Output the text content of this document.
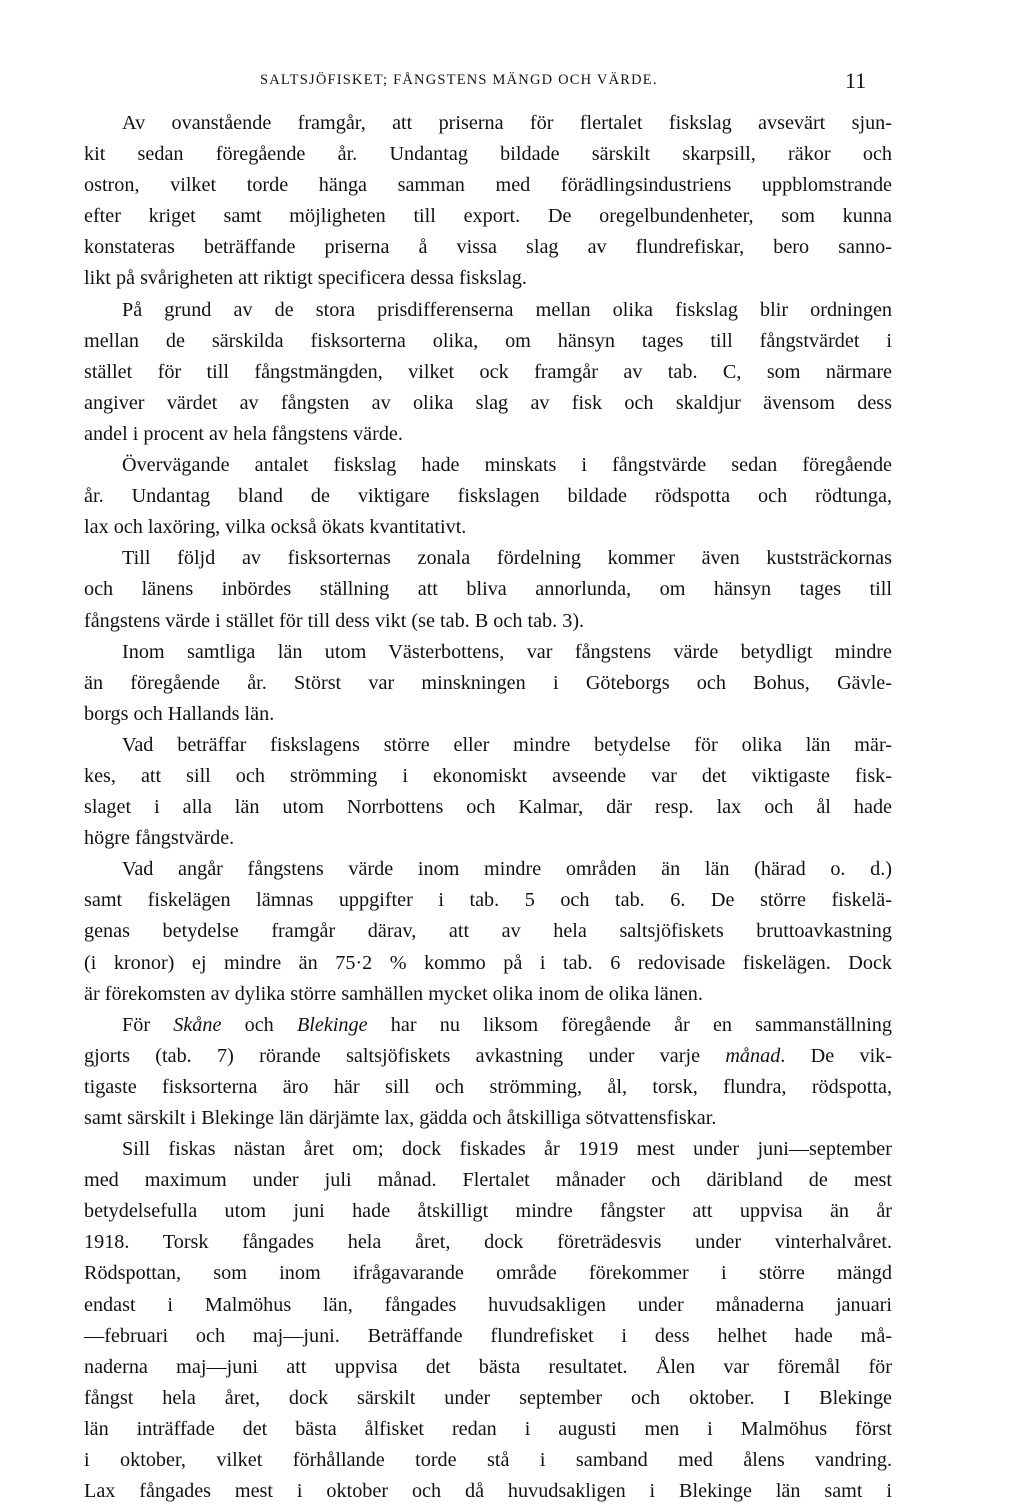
SALTSJÖFISKET; FÅNGSTENS MÄNGD OCH VÄRDE.	11
Av ovanstående framgår, att priserna för flertalet fiskslag avsevärt sjun-
kit sedan föregående år. Undantag bildade särskilt skarpsill, räkor och
ostron, vilket torde hänga samman med förädlingsindustriens uppblomstrande
efter kriget samt möjligheten till export. De oregelbundenheter, som kunna
konstateras beträffande priserna å vissa slag av flundrefiskar, bero sanno-
likt på svårigheten att riktigt specificera dessa fiskslag.
På grund av de stora prisdifferenserna mellan olika fiskslag blir ordningen
mellan de särskilda fisksorterna olika, om hänsyn tages till fångstvärdet i
stället för till fångstmängden, vilket ock framgår av tab. C, som närmare
angiver värdet av fångsten av olika slag av fisk och skaldjur ävensom dess
andel i procent av hela fångstens värde.
Övervägande antalet fiskslag hade minskats i fångstvärde sedan föregående
år. Undantag bland de viktigare fiskslagen bildade rödspotta och rödtunga,
lax och laxöring, vilka också ökats kvantitativt.
Till följd av fisksorternas zonala fördelning kommer även kuststräckornas
och länens inbördes ställning att bliva annorlunda, om hänsyn tages till
fångstens värde i stället för till dess vikt (se tab. B och tab. 3).
Inom samtliga län utom Västerbottens, var fångstens värde betydligt mindre
än föregående år. Störst var minskningen i Göteborgs och Bohus, Gävle-
borgs och Hallands län.
Vad beträffar fiskslagens större eller mindre betydelse för olika län mär-
kes, att sill och strömming i ekonomiskt avseende var det viktigaste fisk-
slaget i alla län utom Norrbottens och Kalmar, där resp. lax och ål hade
högre fångstvärde.
Vad angår fångstens värde inom mindre områden än län (härad o. d.)
samt fiskelägen lämnas uppgifter i tab. 5 och tab. 6. De större fiskelä-
genas betydelse framgår därav, att av hela saltsjöfiskets bruttoavkastning
(i kronor) ej mindre än 75·2 % kommo på i tab. 6 redovisade fiskelägen. Dock
är förekomsten av dylika större samhällen mycket olika inom de olika länen.
För Skåne och Blekinge har nu liksom föregående år en sammanställning
gjorts (tab. 7) rörande saltsjöfiskets avkastning under varje månad. De vik-
tigaste fisksorterna äro här sill och strömming, ål, torsk, flundra, rödspotta,
samt särskilt i Blekinge län därjämte lax, gädda och åtskilliga sötvattensfiskar.
Sill fiskas nästan året om; dock fiskades år 1919 mest under juni—september
med maximum under juli månad. Flertalet månader och däribland de mest
betydelsefulla utom juni hade åtskilligt mindre fångster att uppvisa än år
1918. Torsk fångades hela året, dock företrädesvis under vinterhalvåret.
Rödspottan, som inom ifrågavarande område förekommer i större mängd
endast i Malmöhus län, fångades huvudsakligen under månaderna januari
—februari och maj—juni. Beträffande flundrefisket i dess helhet hade må-
naderna maj—juni att uppvisa det bästa resultatet. Ålen var föremål för
fångst hela året, dock särskilt under september och oktober. I Blekinge
län inträffade det bästa ålfisket redan i augusti men i Malmöhus först
i oktober, vilket förhållande torde stå i samband med ålens vandring.
Lax fångades mest i oktober och då huvudsakligen i Blekinge län samt i
